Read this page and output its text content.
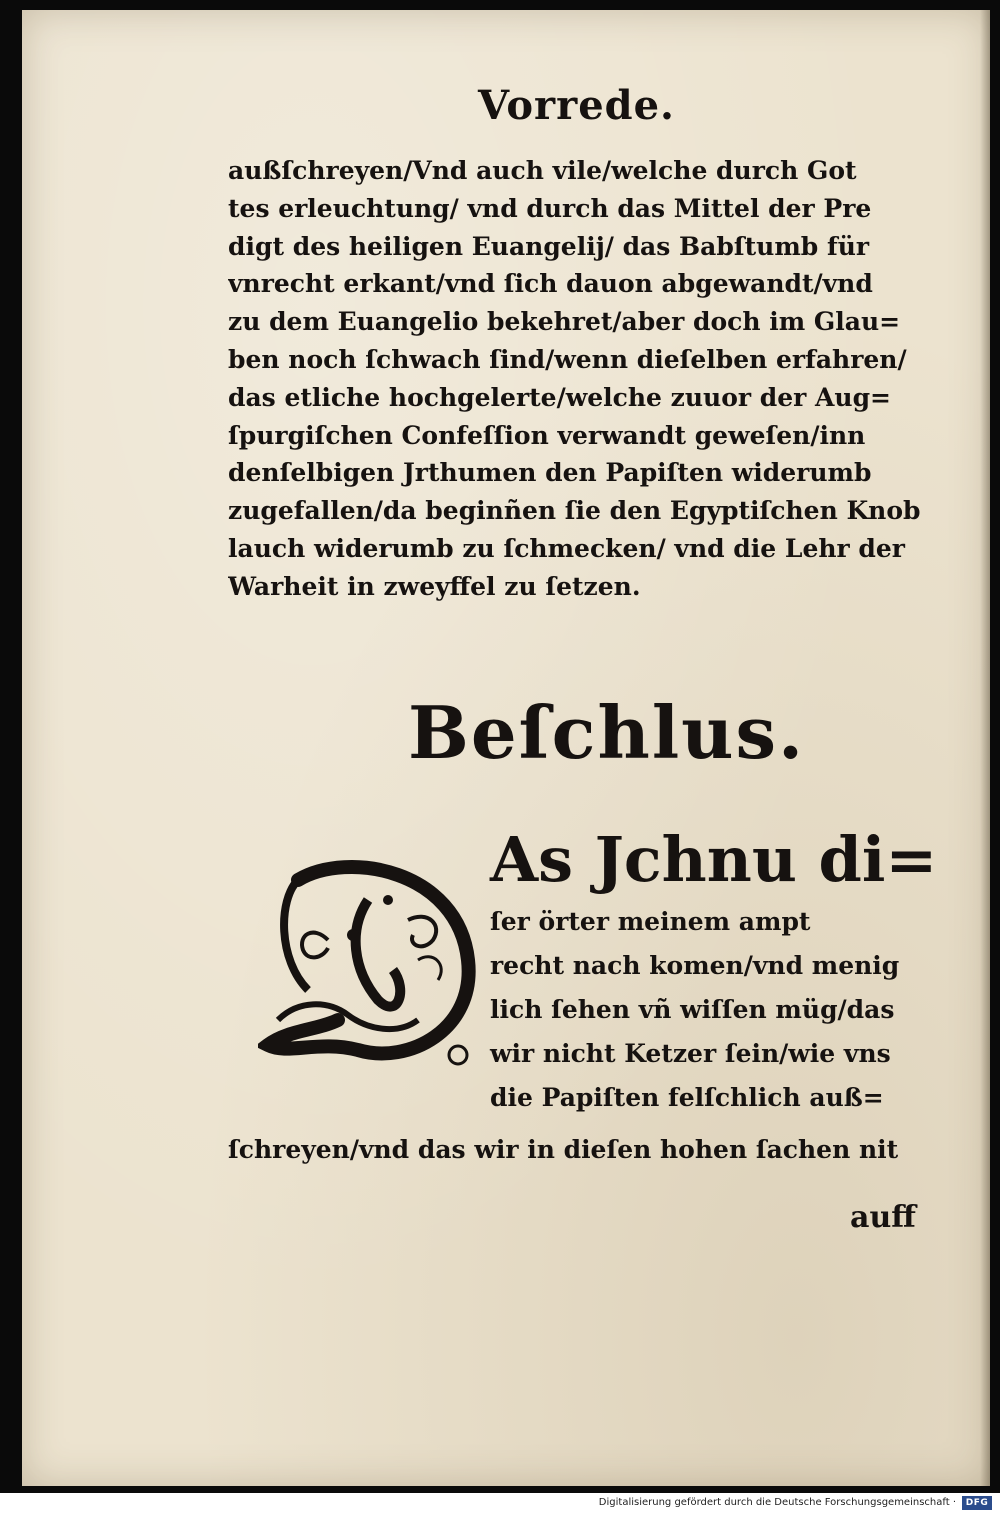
Vorrede.
außſchreyen/Vnd auch vile/welche durch Got
tes erleuchtung/ vnd durch das Mittel der Pre
digt des heiligen Euangelij/ das Babſtumb für
vnrecht erkant/vnd ſich dauon abgewandt/vnd
zu dem Euangelio bekehret/aber doch im Glau=
ben noch ſchwach ſind/wenn dieſelben erfahren/
das etliche hochgelerte/welche zuuor der Aug=
ſpurgiſchen Confeſſion verwandt geweſen/inn
denſelbigen Jrthumen den Papiſten widerumb
zugefallen/da beginñen ſie den Egyptiſchen Knob
lauch widerumb zu ſchmecken/ vnd die Lehr der
Warheit in zweyffel zu ſetzen.
Beſchlus.
As Jchnu di=
ſer örter meinem ampt
recht nach komen/vnd menig
lich ſehen vñ wiſſen müg/das
wir nicht Ketzer ſein/wie vns
die Papiſten felſchlich auß=
ſchreyen/vnd das wir in dieſen hohen ſachen nit
auff
Digitalisierung gefördert durch die Deutsche Forschungsgemeinschaft ·	DFG
